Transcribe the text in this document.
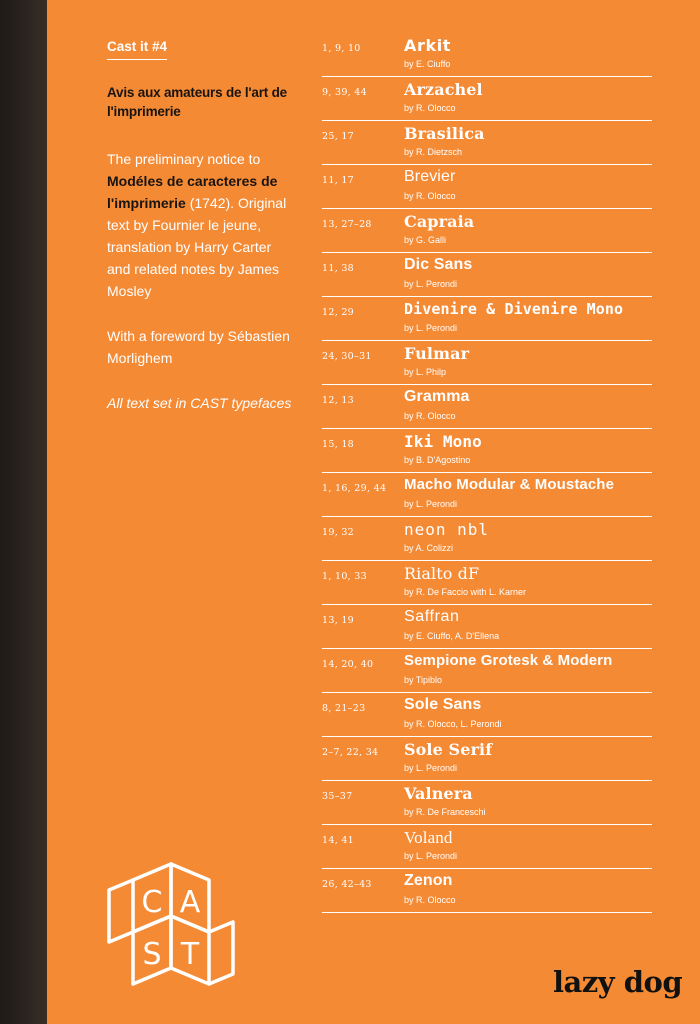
Cast it #4

Avis aux amateurs de l'art de l'imprimerie

The preliminary notice to Modéles de caracteres de l'imprimerie (1742). Original text by Fournier le jeune, translation by Harry Carter and related notes by James Mosley

With a foreword by Sébastien Morlighem

All text set in CAST typefaces

1, 9, 10	Arkit
by E. Ciuffo
9, 39, 44 Arzachel
by R. Olocco
25, 17	Brasilica
by R. Dietzsch
11, 17	Brevier
by R. Olocco
13, 27–28 Capraia
by G. Galli
11, 38	Dic Sans
by L. Perondi
12, 29	Divenire & Divenire Mono
by L. Perondi
24, 30–31 Fulmar
by L. Philp
12, 13	Gramma
by R. Olocco
15, 18	Iki Mono
by B. D'Agostino
1, 16, 29, 44 Macho Modular & Moustache
by L. Perondi
19, 32	neon nbl
by A. Colizzi
1, 10, 33 Rialto dF
by R. De Faccio with L. Karner
13, 19	Saffran
by E. Ciuffo, A. D'Ellena
14, 20, 40 Sempione Grotesk & Modern
by Tipiblo
8, 21–23 Sole Sans
by R. Olocco, L. Perondi
2–7, 22, 34 Sole Serif
by L. Perondi
35–37	Valnera
by R. De Franceschi
14, 41	Voland
by L. Perondi
26, 42–43 Zenon
by R. Olocco
C A
S T
lazy dog
